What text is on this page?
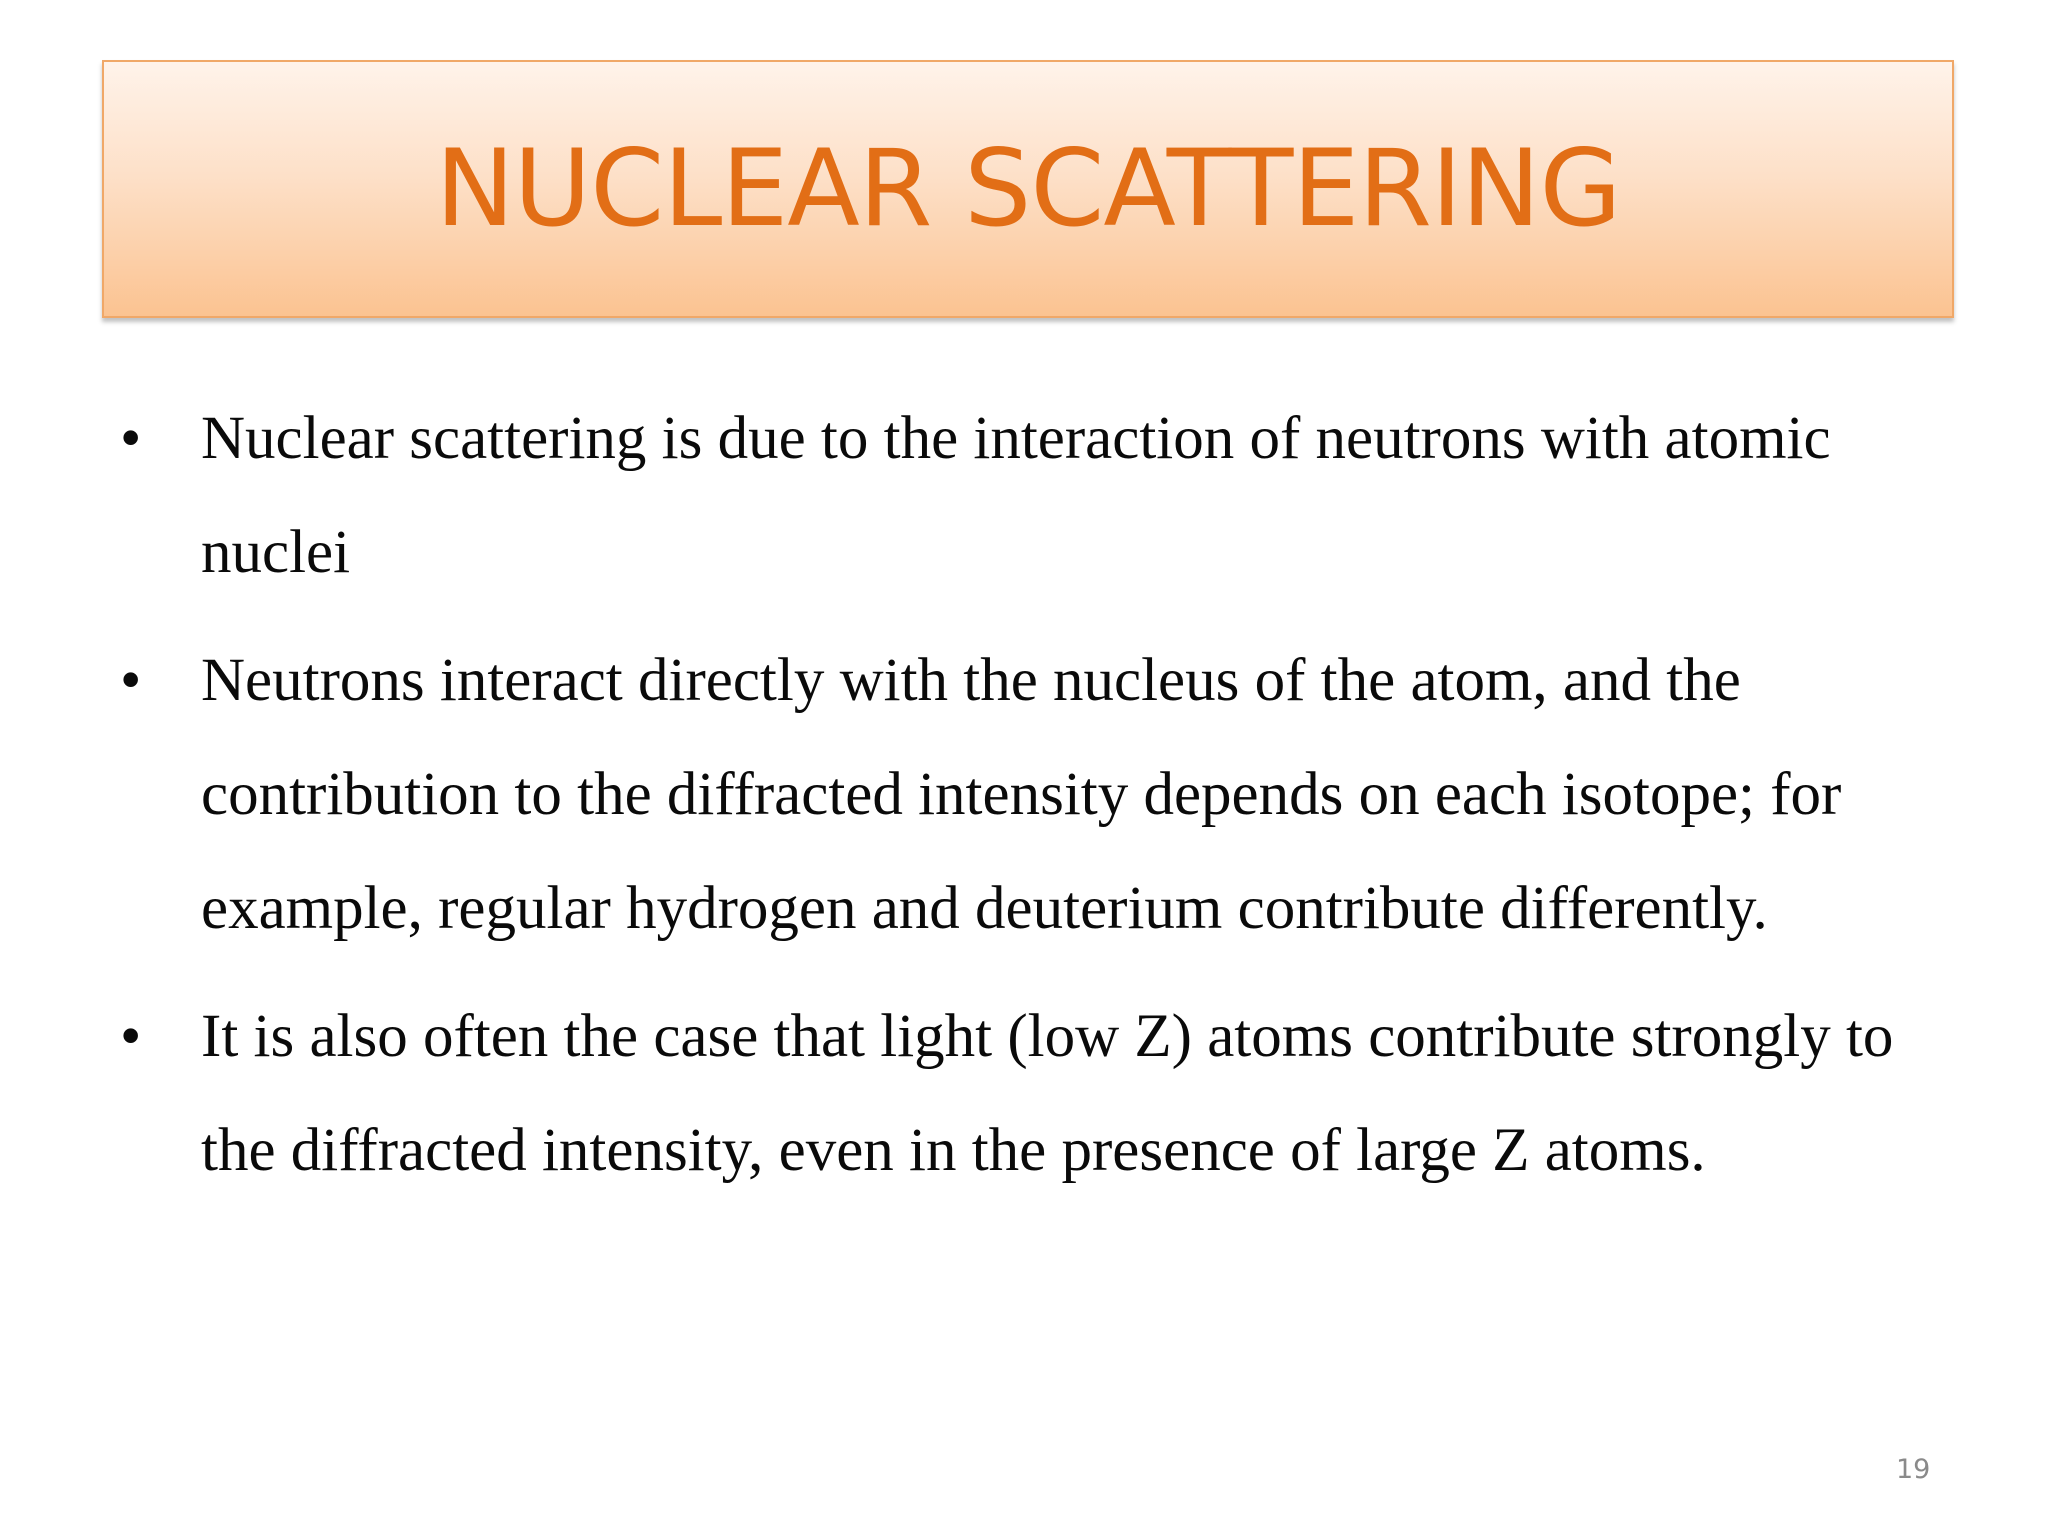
NUCLEAR SCATTERING
• Nuclear scattering is due to the interaction of neutrons with atomic nuclei
• Neutrons interact directly with the nucleus of the atom, and the contribution to the diffracted intensity depends on each isotope; for example, regular hydrogen and deuterium contribute differently.
• It is also often the case that light (low Z) atoms contribute strongly to the diffracted intensity, even in the presence of large Z atoms.
19
